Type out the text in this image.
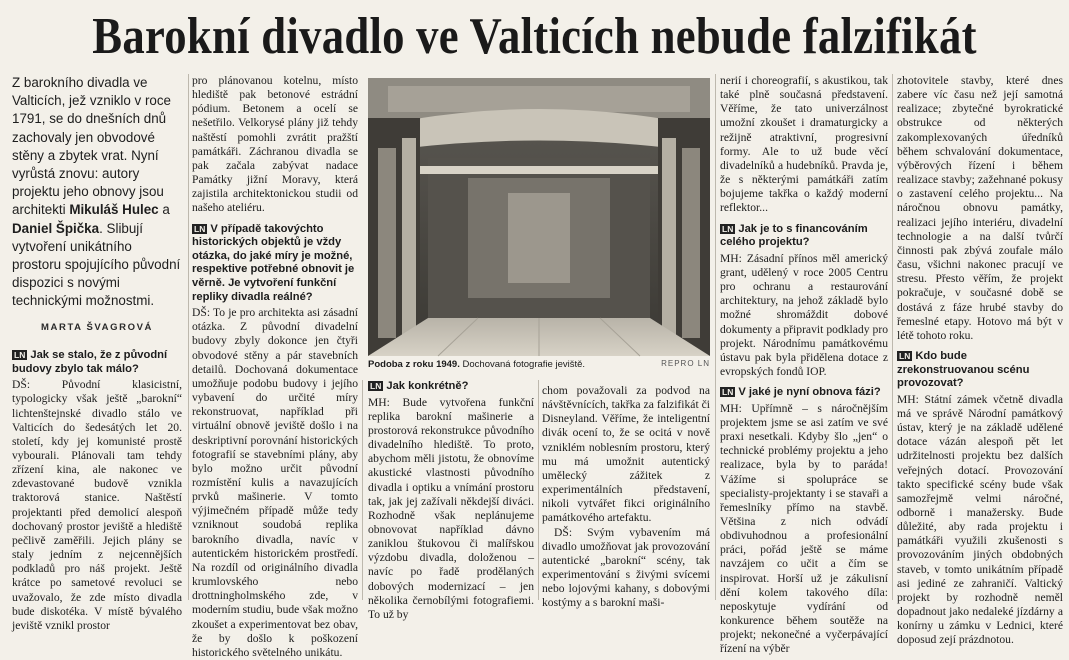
Barokní divadlo ve Valticích nebude falzifikát
Z barokního divadla ve Valticích, jež vzniklo v roce 1791, se do dnešních dnů zachovaly jen obvodové stěny a zbytek vrat. Nyní vyrůstá znovu: autory projektu jeho obnovy jsou architekti Mikuláš Hulec a Daniel Špička. Slibují vytvoření unikátního prostoru spojujícího původní dispozici s novými technickými možnostmi.
MARTA ŠVAGROVÁ
LN Jak se stalo, že z původní budovy zbylo tak málo?

DŠ: Původní klasicistní, typologicky však ještě „barokní“ lichtenštejnské divadlo stálo ve Valticích do šedesátých let 20. století, kdy jej komunisté prostě vybourali. Plánovali tam tehdy zřízení kina, ale nakonec ve zdevastované budově vznikla traktorová stanice. Naštěstí projektanti před demolicí alespoň dochovaný prostor jeviště a hlediště pečlivě zaměřili. Jejich plány se staly jedním z nejcennějších podkladů pro náš projekt. Ještě krátce po sametové revoluci se uvažovalo, že zde místo divadla bude diskotéka. V místě bývalého jeviště vznikl prostor

pro plánovanou kotelnu, místo hlediště pak betonové estrádní pódium. Betonem a ocelí se nešetřilo. Velkorysé plány již tehdy naštěstí pomohli zvrátit pražští památkáři. Záchranou divadla se pak začala zabývat nadace Památky jižní Moravy, která zajistila architektonickou studii od našeho ateliéru.

LN V případě takovýchto historických objektů je vždy otázka, do jaké míry je možné, respektive potřebné obnovit je věrně. Je vytvoření funkční repliky divadla reálné?

DŠ: To je pro architekta asi zásadní otázka. Z původní divadelní budovy zbyly dokonce jen čtyři obvodové stěny a pár stavebních detailů. Dochovaná dokumentace umožňuje podobu budovy i jejího vybavení do určité míry rekonstruovat, například při virtuální obnově jeviště došlo i na deskriptivní porovnání historických fotografií se stavebními plány, aby bylo možno určit původní rozmístění kulis a navazujících prvků mašinerie. V tomto výjimečném případě může tedy vzniknout soudobá replika barokního divadla, navíc v autentickém historickém prostředí. Na rozdíl od originálního divadla krumlovského nebo drottningholmského zde, v moderním studiu, bude však možno zkoušet a experimentovat bez obav, že by došlo k poškození historického světelného unikátu.

Podoba z roku 1949. Dochovaná fotografie jeviště.	REPRO LN
LN Jak konkrétně?

MH: Bude vytvořena funkční replika barokní mašinerie a prostorová rekonstrukce původního divadelního hlediště. To proto, abychom měli jistotu, že obnovíme akustické vlastnosti původního divadla i optiku a vnímání prostoru tak, jak jej zažívali někdejší diváci. Rozhodně však neplánujeme obnovovat například dávno zaniklou štukovou či malířskou výzdobu divadla, doloženou – navíc po řadě prodělaných dobových modernizací – jen několika černobílými fotografiemi. To už by

chom považovali za podvod na návštěvnících, takřka za falzifikát či Disneyland. Věříme, že inteligentní divák ocení to, že se ocitá v nově vzniklém noblesním prostoru, který mu má umožnit autentický umělecký zážitek z experimentálních představení, nikoli vytvářet fikci originálního památkového artefaktu.

DŠ: Svým vybavením má divadlo umožňovat jak provozování autentické „barokní“ scény, tak experimentování s živými svícemi nebo lojovými kahany, s dobovými kostýmy a s barokní maši-

nerií i choreografií, s akustikou, tak také plně současná představení. Věříme, že tato univerzálnost umožní zkoušet i dramaturgicky a režijně atraktivní, progresivní formy. Ale to už bude věcí divadelníků a hudebníků. Pravda je, že s některými památkáři zatím bojujeme takřka o každý moderní reflektor...

LN Jak je to s financováním celého projektu?

MH: Zásadní přínos měl americký grant, udělený v roce 2005 Centru pro ochranu a restaurování architektury, na jehož základě bylo možné shromáždit dobové dokumenty a připravit podklady pro projekt. Národnímu památkovému ústavu pak byla přidělena dotace z evropských fondů IOP.

LN V jaké je nyní obnova fázi?

MH: Upřímně – s náročnějším projektem jsme se asi zatím ve své praxi nesetkali. Kdyby šlo „jen“ o technické problémy projektu a jeho realizace, byla by to paráda! Vážíme si spolupráce se specialisty-projektanty i se stavaři a řemeslníky přímo na stavbě. Většina z nich odvádí obdivuhodnou a profesionální práci, pořád ještě se máme navzájem co učit a čím se inspirovat. Horší už je zákulisní dění kolem takového díla: neposkytuje vydírání od konkurence během soutěže na projekt; nekonečné a vyčerpávající řízení na výběr

zhotovitele stavby, které dnes zabere víc času než její samotná realizace; zbytečné byrokratické obstrukce od některých zakomplexovaných úředníků během schvalování dokumentace, výběrových řízení i během realizace stavby; zažehnané pokusy o zastavení celého projektu... Na náročnou obnovu památky, realizaci jejího interiéru, divadelní technologie a na další tvůrčí činnosti pak zbývá zoufale málo času, všichni nakonec pracují ve stresu. Přesto věřím, že projekt pokračuje, v současné době se dostává z fáze hrubé stavby do řemeslné etapy. Hotovo má být v létě tohoto roku.

LN Kdo bude zrekonstruovanou scénu provozovat?

MH: Státní zámek včetně divadla má ve správě Národní památkový ústav, který je na základě udělené dotace vázán alespoň pět let udržitelnosti projektu bez dalších veřejných dotací. Provozování takto specifické scény bude však samozřejmě velmi náročné, odborně i manažersky. Bude důležité, aby rada projektu i památkáři využili zkušenosti s provozováním jiných obdobných staveb, v tomto unikátním případě asi jediné ze zahraničí. Valtický projekt by rozhodně neměl dopadnout jako nedaleké jízdárny a konírny u zámku v Lednici, které doposud zejí prázdnotou.
